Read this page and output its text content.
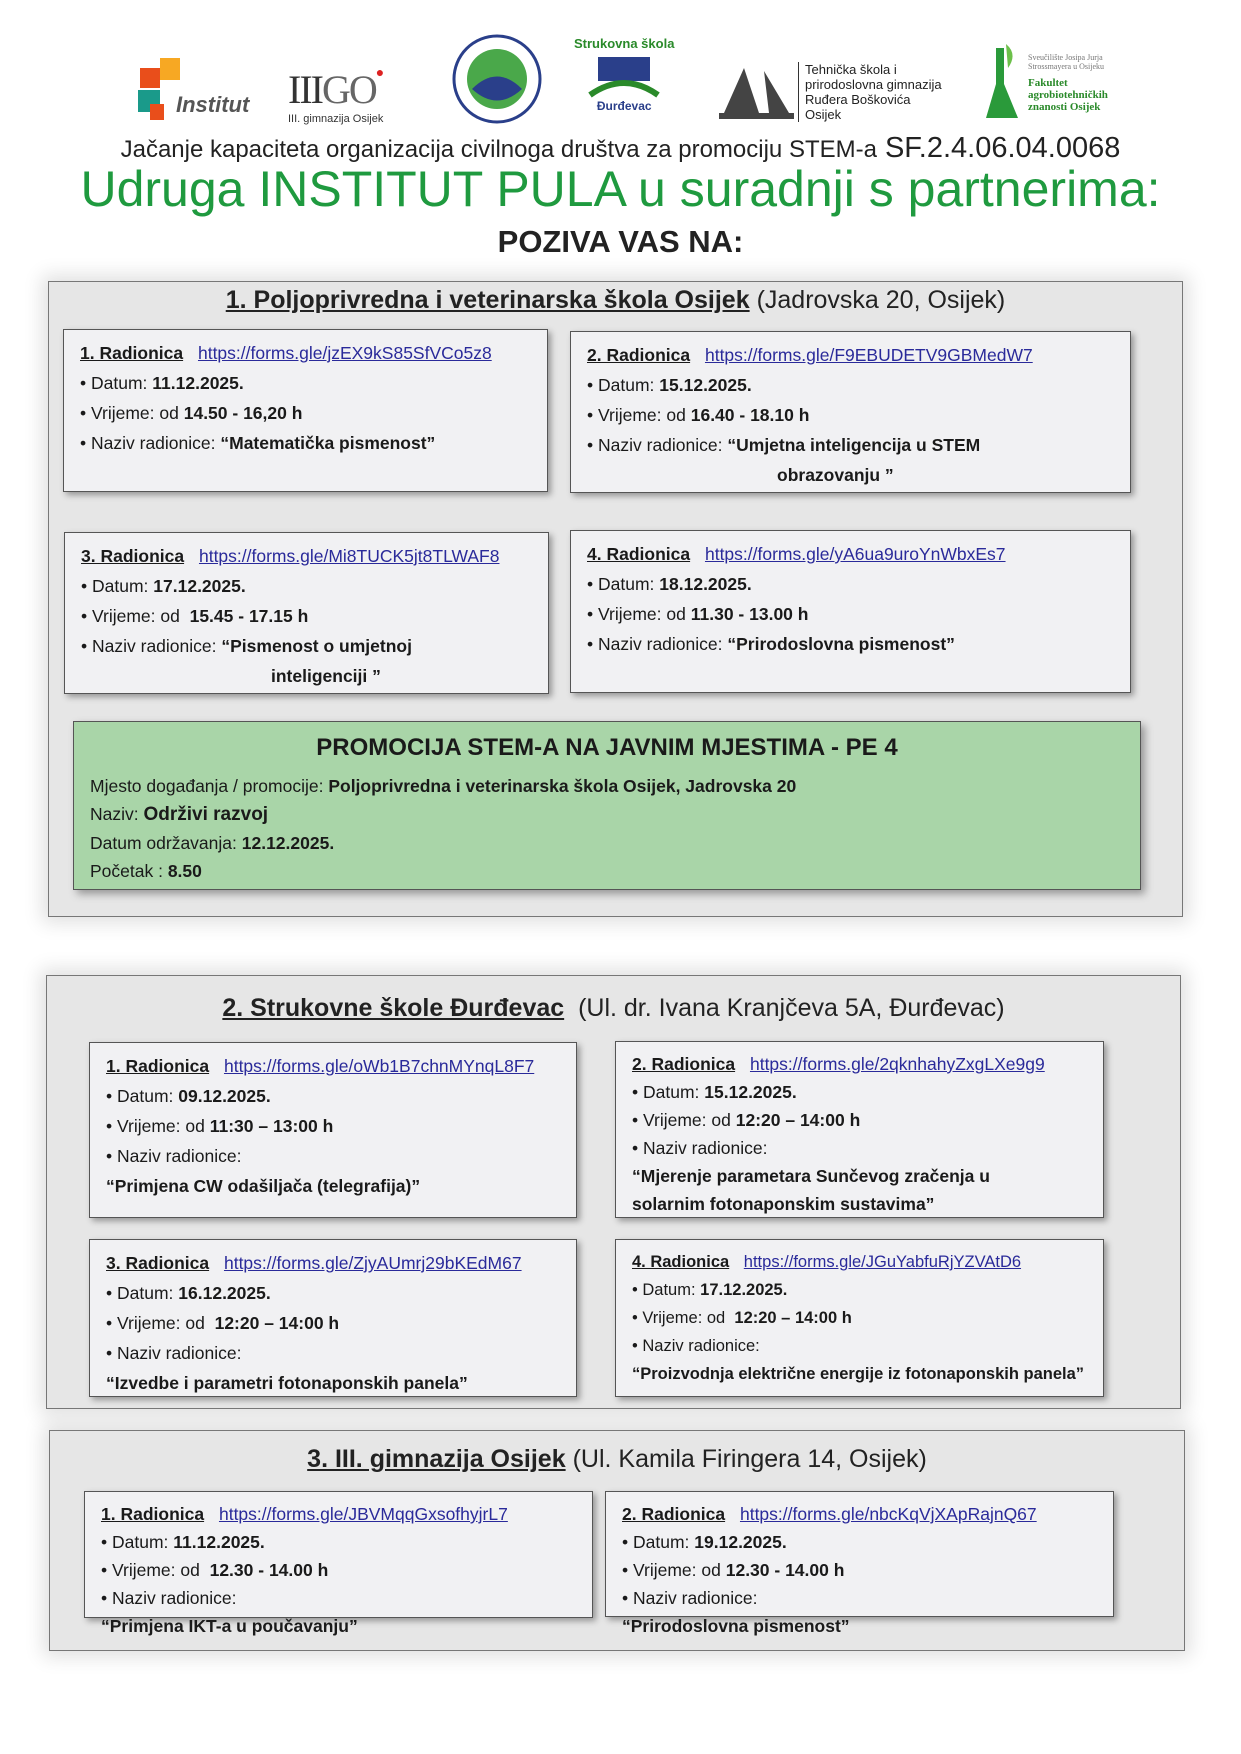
Institut IIIGO●
III. gimnazija Osijek
Strukovna škola
Đurđevac
Tehnička škola i
prirodoslovna gimnazija
Ruđera Boškovića
Osijek
Sveučilište Josipa Jurja
Strossmayera u Osijeku
Fakultet
agrobiotehničkih
znanosti Osijek
Jačanje kapaciteta organizacija civilnoga društva za promociju STEM-a SF.2.4.06.04.0068
Udruga INSTITUT PULA u suradnji s partnerima:
POZIVA VAS NA:
1. Poljoprivredna i veterinarska škola Osijek (Jadrovska 20, Osijek)
2. Strukovne škole Đurđevac (Ul. dr. Ivana Kranjčeva 5A, Đurđevac)
3. III. gimnazija Osijek (Ul. Kamila Firingera 14, Osijek)
1. Radionica https://forms.gle/jzEX9kS85SfVCo5z8
• Datum: 11.12.2025.
• Vrijeme: od 14.50 - 16,20 h
• Naziv radionice: “Matematička pismenost”
2. Radionica https://forms.gle/F9EBUDETV9GBMedW7
• Datum: 15.12.2025.
• Vrijeme: od 16.40 - 18.10 h
• Naziv radionice: “Umjetna inteligencija u STEM
obrazovanju ”
3. Radionica https://forms.gle/Mi8TUCK5jt8TLWAF8
• Datum: 17.12.2025.
• Vrijeme: od  15.45 - 17.15 h
• Naziv radionice: “Pismenost o umjetnoj
inteligenciji ”
4. Radionica https://forms.gle/yA6ua9uroYnWbxEs7
• Datum: 18.12.2025.
• Vrijeme: od 11.30 - 13.00 h
• Naziv radionice: “Prirodoslovna pismenost”
1. Radionica https://forms.gle/oWb1B7chnMYnqL8F7
• Datum: 09.12.2025.
• Vrijeme: od 11:30 – 13:00 h
• Naziv radionice:
“Primjena CW odašiljača (telegrafija)”
2. Radionica https://forms.gle/2qknhahyZxgLXe9g9
• Datum: 15.12.2025.
• Vrijeme: od 12:20 – 14:00 h
• Naziv radionice:
“Mjerenje parametara Sunčevog zračenja u
solarnim fotonaponskim sustavima”
3. Radionica https://forms.gle/ZjyAUmrj29bKEdM67
• Datum: 16.12.2025.
• Vrijeme: od  12:20 – 14:00 h
• Naziv radionice:
“Izvedbe i parametri fotonaponskih panela”
4. Radionica https://forms.gle/JGuYabfuRjYZVAtD6
• Datum: 17.12.2025.
• Vrijeme: od  12:20 – 14:00 h
• Naziv radionice:
“Proizvodnja električne energije iz fotonaponskih panela”
1. Radionica https://forms.gle/JBVMqqGxsofhyjrL7
• Datum: 11.12.2025.
• Vrijeme: od  12.30 - 14.00 h
• Naziv radionice:
“Primjena IKT-a u poučavanju”
2. Radionica https://forms.gle/nbcKqVjXApRajnQ67
• Datum: 19.12.2025.
• Vrijeme: od 12.30 - 14.00 h
• Naziv radionice:
“Prirodoslovna pismenost”
PROMOCIJA STEM-A NA JAVNIM MJESTIMA - PE 4
Mjesto događanja / promocije: Poljoprivredna i veterinarska škola Osijek, Jadrovska 20
Naziv: Održivi razvoj
Datum održavanja: 12.12.2025.
Početak : 8.50
